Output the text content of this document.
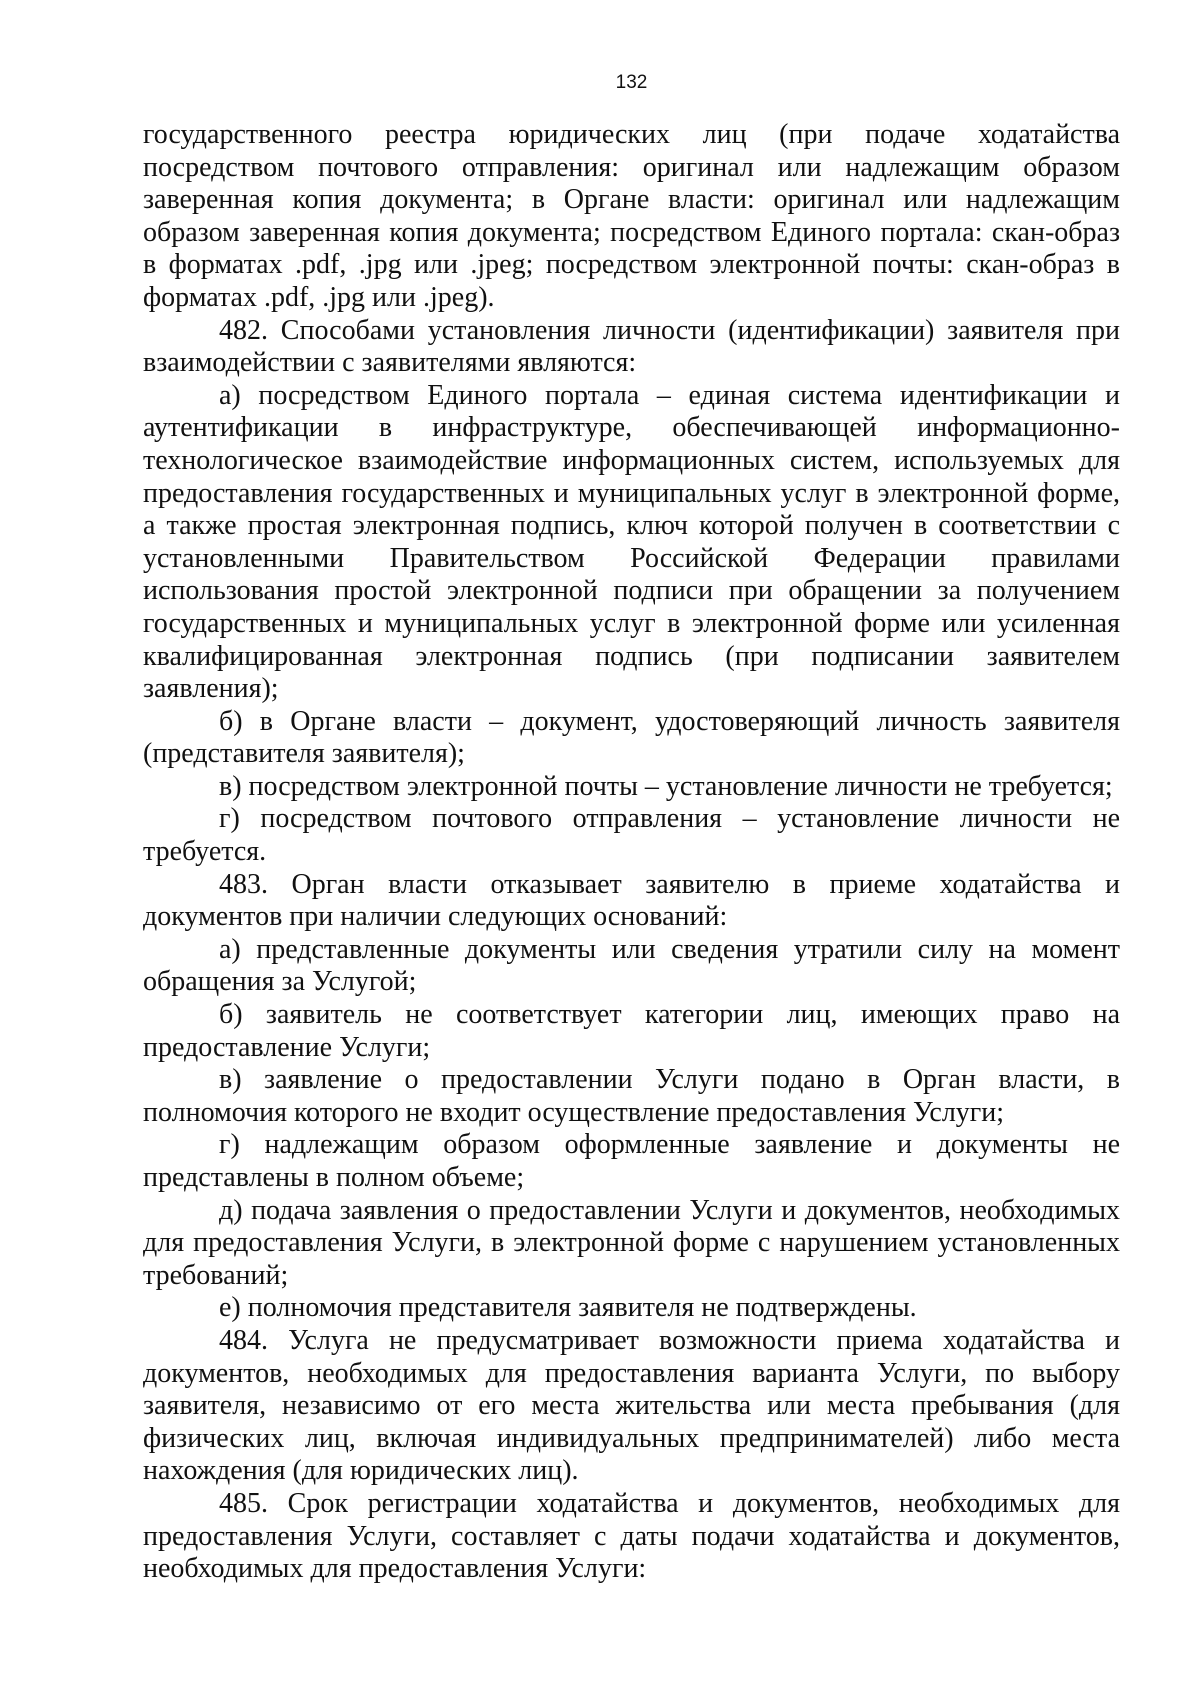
132

государственного реестра юридических лиц (при подаче ходатайства посредством почтового отправления: оригинал или надлежащим образом заверенная копия документа; в Органе власти: оригинал или надлежащим образом заверенная копия документа; посредством Единого портала: скан-образ в форматах .pdf, .jpg или .jpeg; посредством электронной почты: скан-образ в форматах .pdf, .jpg или .jpeg).

482. Способами установления личности (идентификации) заявителя при взаимодействии с заявителями являются:

а) посредством Единого портала – единая система идентификации и аутентификации в инфраструктуре, обеспечивающей информационно-технологическое взаимодействие информационных систем, используемых для предоставления государственных и муниципальных услуг в электронной форме, а также простая электронная подпись, ключ которой получен в соответствии с установленными Правительством Российской Федерации правилами использования простой электронной подписи при обращении за получением государственных и муниципальных услуг в электронной форме или усиленная квалифицированная электронная подпись (при подписании заявителем заявления);

б) в Органе власти – документ, удостоверяющий личность заявителя (представителя заявителя);

в) посредством электронной почты – установление личности не требуется;

г) посредством почтового отправления – установление личности не требуется.

483. Орган власти отказывает заявителю в приеме ходатайства и документов при наличии следующих оснований:

а) представленные документы или сведения утратили силу на момент обращения за Услугой;

б) заявитель не соответствует категории лиц, имеющих право на предоставление Услуги;

в) заявление о предоставлении Услуги подано в Орган власти, в полномочия которого не входит осуществление предоставления Услуги;

г) надлежащим образом оформленные заявление и документы не представлены в полном объеме;

д) подача заявления о предоставлении Услуги и документов, необходимых для предоставления Услуги, в электронной форме с нарушением установленных требований;

е) полномочия представителя заявителя не подтверждены.

484. Услуга не предусматривает возможности приема ходатайства и документов, необходимых для предоставления варианта Услуги, по выбору заявителя, независимо от его места жительства или места пребывания (для физических лиц, включая индивидуальных предпринимателей) либо места нахождения (для юридических лиц).

485. Срок регистрации ходатайства и документов, необходимых для предоставления Услуги, составляет с даты подачи ходатайства и документов, необходимых для предоставления Услуги:
